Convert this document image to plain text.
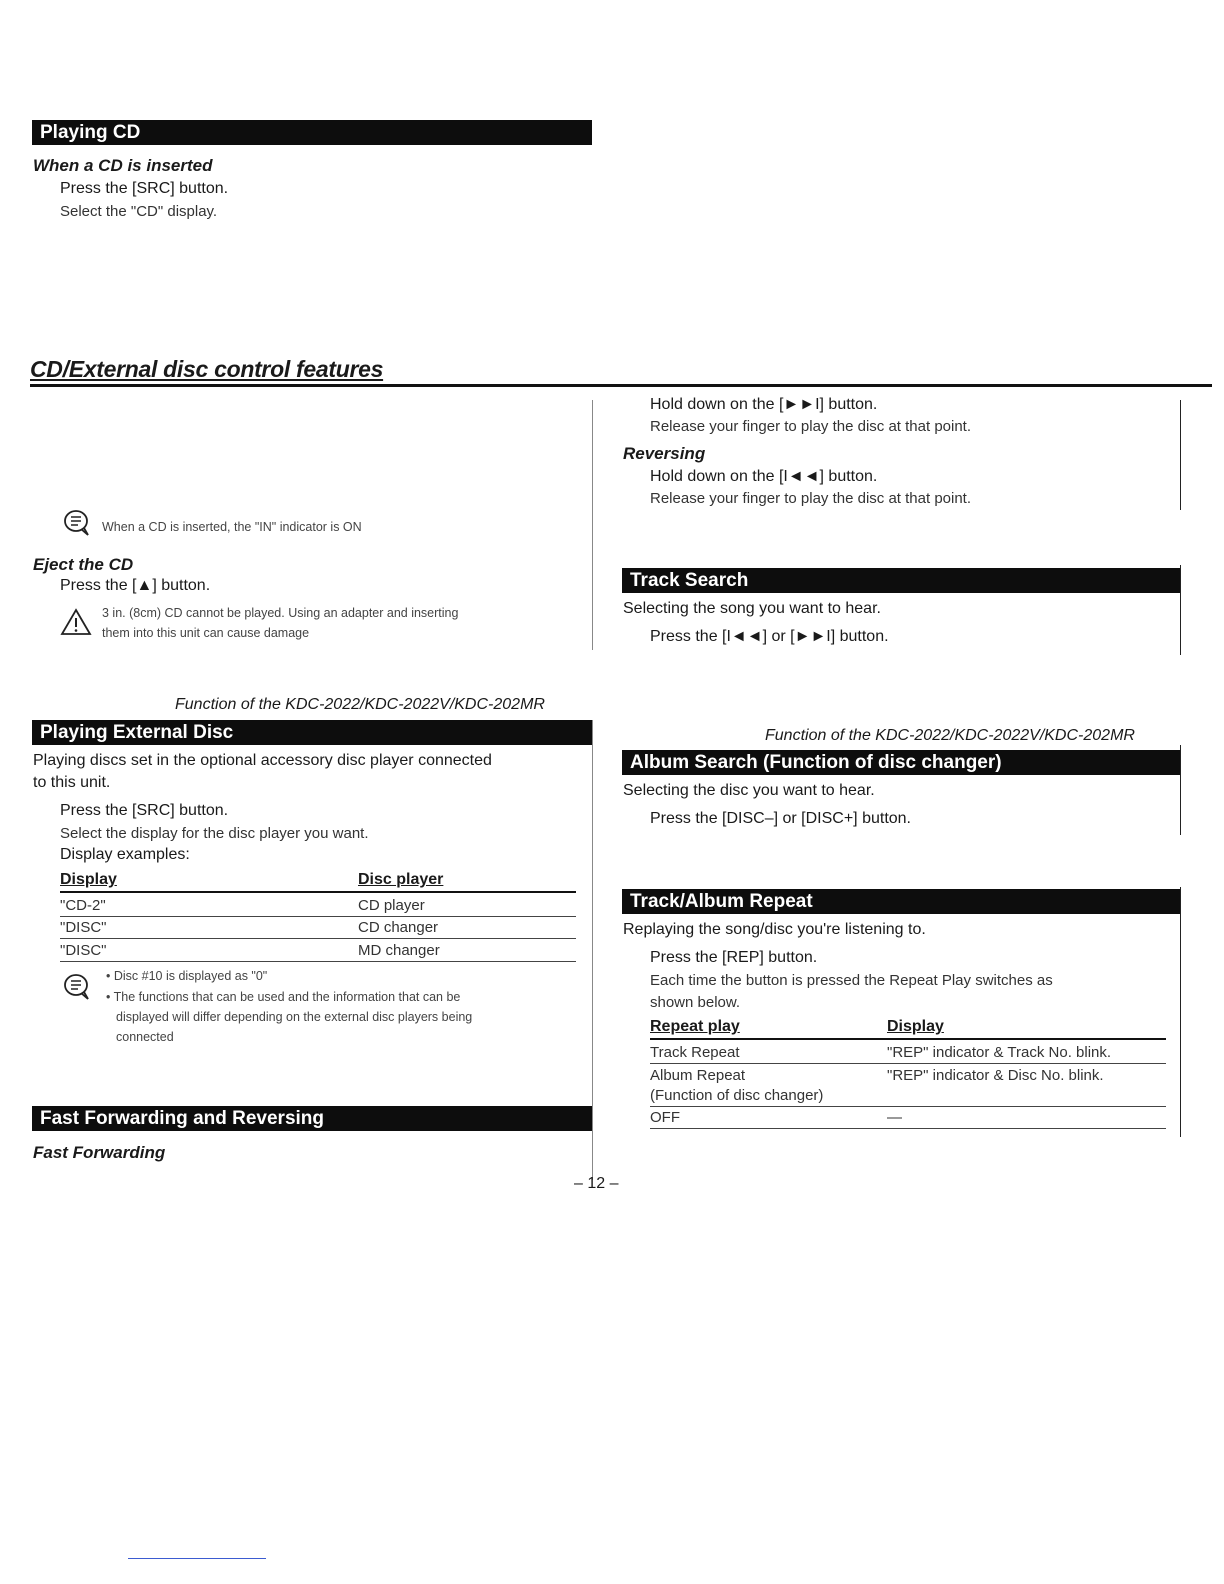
CD/External disc control features
Playing CD
When a CD is inserted
Press the [SRC] button.
Select the "CD" display.
When a CD is inserted, the "IN" indicator is ON
Eject the CD
Press the [▲] button.
3 in. (8cm) CD cannot be played. Using an adapter and inserting
them into this unit can cause damage
Function of the KDC-2022/KDC-2022V/KDC-202MR
Playing External Disc
Playing discs set in the optional accessory disc player connected
to this unit.
Press the [SRC] button.
Select the display for the disc player you want.
Display examples:
Display	Disc player
"CD-2"	CD player
"DISC"	CD changer
"DISC"	MD changer
• Disc #10 is displayed as "0"
• The functions that can be used and the information that can be
displayed will differ depending on the external disc players being
connected
Fast Forwarding and Reversing
Fast Forwarding
Hold down on the [►►I] button.
Release your finger to play the disc at that point.
Reversing
Hold down on the [I◄◄] button.
Release your finger to play the disc at that point.
Track Search
Selecting the song you want to hear.
Press the [I◄◄] or [►►I] button.
Function of the KDC-2022/KDC-2022V/KDC-202MR
Album Search (Function of disc changer)
Selecting the disc you want to hear.
Press the [DISC–] or [DISC+] button.
Track/Album Repeat
Replaying the song/disc you're listening to.
Press the [REP] button.
Each time the button is pressed the Repeat Play switches as
shown below.
Repeat play	Display
Track Repeat	"REP" indicator & Track No. blink.
Album Repeat	"REP" indicator & Disc No. blink.
(Function of disc changer)
OFF	—
– 12 –
